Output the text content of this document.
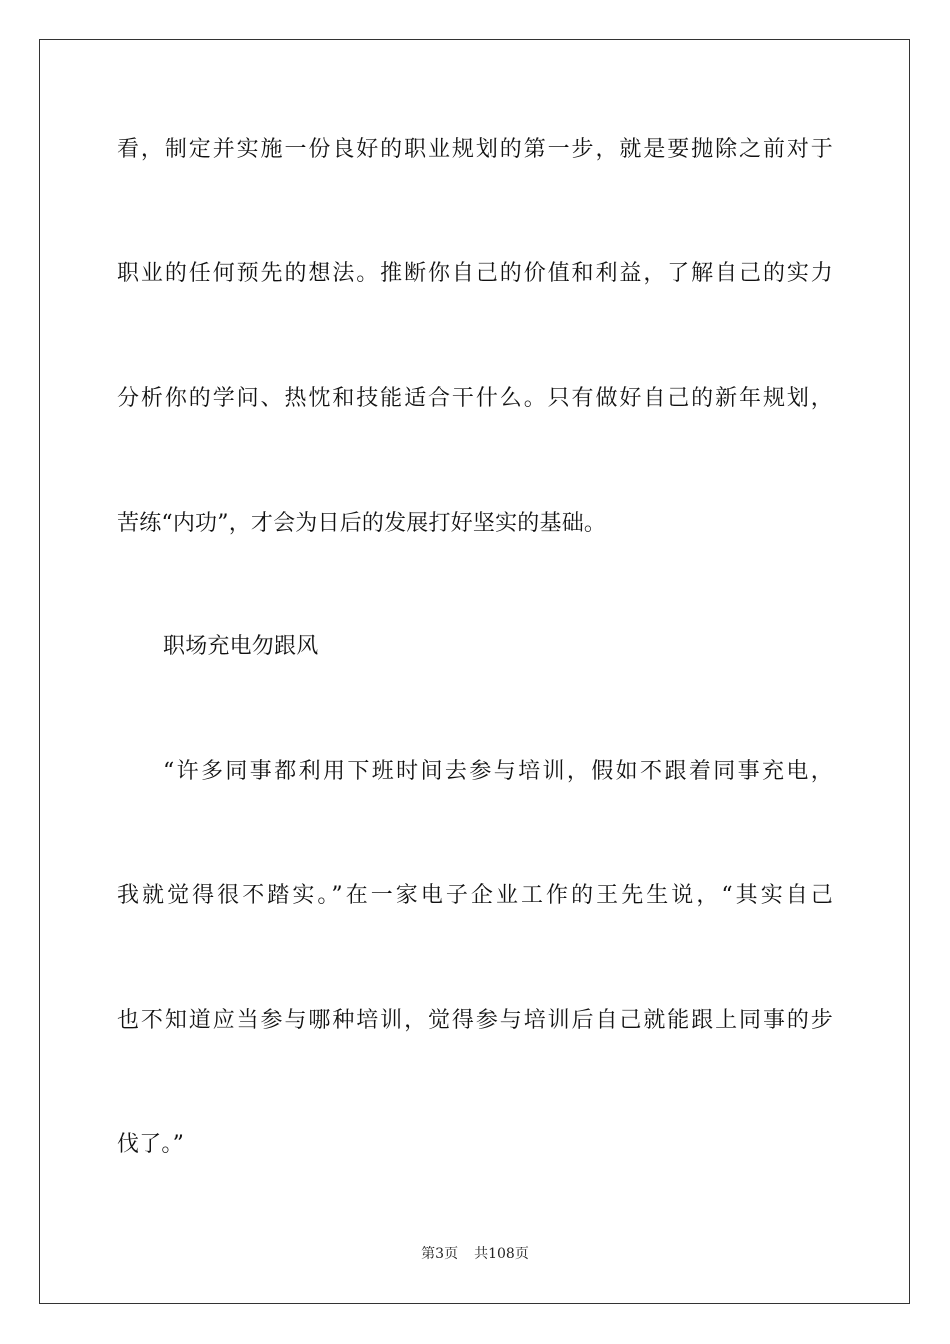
看，制定并实施一份良好的职业规划的第一步，就是要抛除之前对于
职业的任何预先的想法。推断你自己的价值和利益，了解自己的实力
分析你的学问、热忱和技能适合干什么。只有做好自己的新年规划，
苦练“内功”，才会为日后的发展打好坚实的基础。
职场充电勿跟风
“许多同事都利用下班时间去参与培训，假如不跟着同事充电，
我就觉得很不踏实。”在一家电子企业工作的王先生说，“其实自己
也不知道应当参与哪种培训，觉得参与培训后自己就能跟上同事的步
伐了。”
第3页 共108页
